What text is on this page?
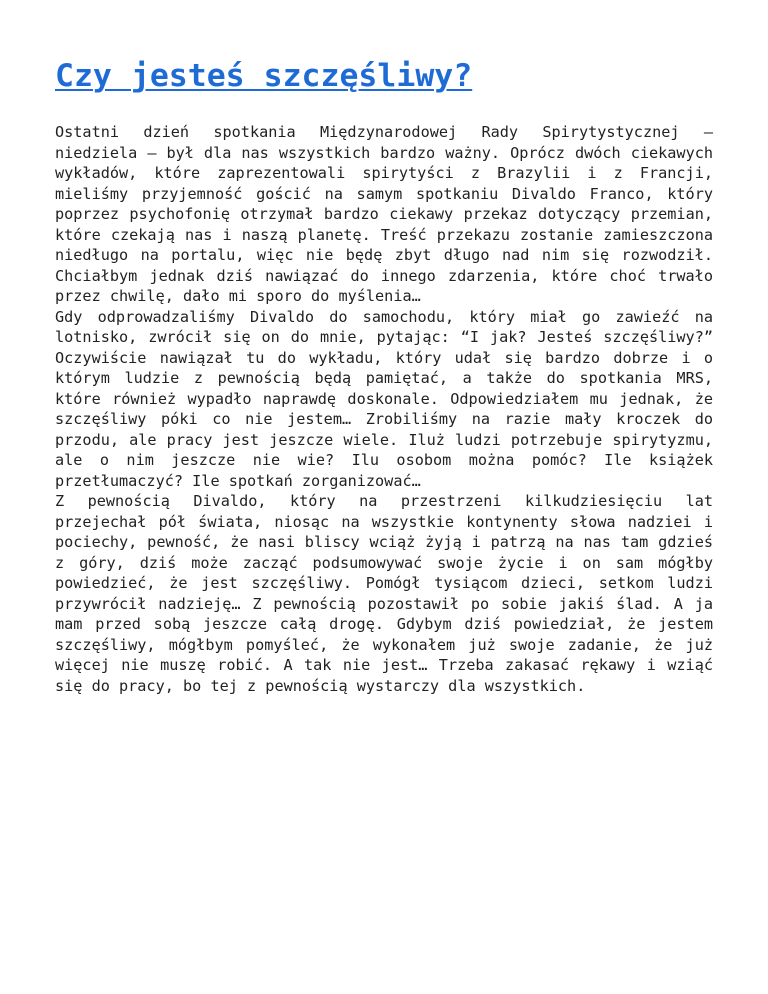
Czy jesteś szczęśliwy?

Ostatni dzień spotkania Międzynarodowej Rady Spirytystycznej – niedziela – był dla nas wszystkich bardzo ważny. Oprócz dwóch ciekawych wykładów, które zaprezentowali spirytyści z Brazylii i z Francji, mieliśmy przyjemność gościć na samym spotkaniu Divaldo Franco, który poprzez psychofonię otrzymał bardzo ciekawy przekaz dotyczący przemian, które czekają nas i naszą planetę. Treść przekazu zostanie zamieszczona niedługo na portalu, więc nie będę zbyt długo nad nim się rozwodził. Chciałbym jednak dziś nawiązać do innego zdarzenia, które choć trwało przez chwilę, dało mi sporo do myślenia…

Gdy odprowadzaliśmy Divaldo do samochodu, który miał go zawieźć na lotnisko, zwrócił się on do mnie, pytając: “I jak? Jesteś szczęśliwy?” Oczywiście nawiązał tu do wykładu, który udał się bardzo dobrze i o którym ludzie z pewnością będą pamiętać, a także do spotkania MRS, które również wypadło naprawdę doskonale. Odpowiedziałem mu jednak, że szczęśliwy póki co nie jestem… Zrobiliśmy na razie mały kroczek do przodu, ale pracy jest jeszcze wiele. Iluż ludzi potrzebuje spirytyzmu, ale o nim jeszcze nie wie? Ilu osobom można pomóc? Ile książek przetłumaczyć? Ile spotkań zorganizować…

Z pewnością Divaldo, który na przestrzeni kilkudziesięciu lat przejechał pół świata, niosąc na wszystkie kontynenty słowa nadziei i pociechy, pewność, że nasi bliscy wciąż żyją i patrzą na nas tam gdzieś z góry, dziś może zacząć podsumowywać swoje życie i on sam mógłby powiedzieć, że jest szczęśliwy. Pomógł tysiącom dzieci, setkom ludzi przywrócił nadzieję… Z pewnością pozostawił po sobie jakiś ślad. A ja mam przed sobą jeszcze całą drogę. Gdybym dziś powiedział, że jestem szczęśliwy, mógłbym pomyśleć, że wykonałem już swoje zadanie, że już więcej nie muszę robić. A tak nie jest… Trzeba zakasać rękawy i wziąć się do pracy, bo tej z pewnością wystarczy dla wszystkich.
